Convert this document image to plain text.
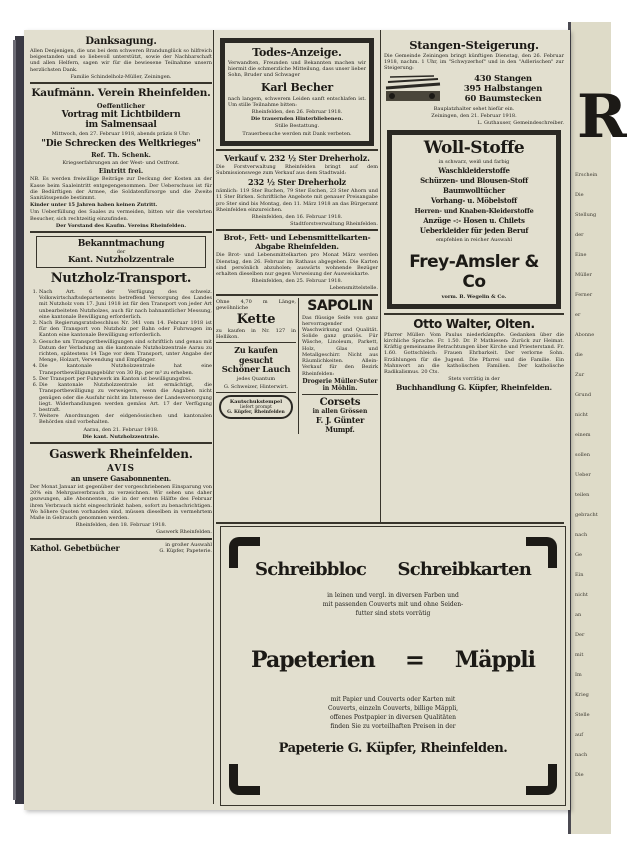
R
Erschein
Die
Stellung
der
Eine
Müller
Ferner
er
Abonne
die
Zur
Grund
nicht
einem
sollen
Ueber
teilen
gebracht
nach
Ge
Ein
nicht
an
Der
mit
Im
Krieg
Stelle
auf
nach
Die
Danksagung.
Allen Denjenigen, die uns bei dem schweren Brandunglück so hilfreich beigestanden und so liebevoll unterstützt, sowie der Nachbarschaft und allen Helfern, sagen wir für die bewiesene Teilnahme unsern herzlichsten Dank.
Familie Schindelholz-Müller, Zeiningen.
Kaufmänn. Verein Rheinfelden.
Oeffentlicher
Vortrag mit Lichtbildern
im Salmensaal
Mittwoch, den 27. Februar 1918, abends präzis 8 Uhr:
"Die Schrecken des Weltkrieges"
Ref. Th. Schenk.
Kriegserfahrungen an der West- und Ostfront.
Eintritt frei.
NB. Es werden freiwillige Beiträge zur Deckung der Kosten an der Kasse beim Saaleintritt entgegengenommen. Der Ueberschuss ist für die Bedürftigen der Armee, die Soldatenfürsorge und die Zweite Sanitätsspende bestimmt.
Kinder unter 15 Jahren haben keinen Zutritt.
Um Ueberfüllung des Saales zu vermeiden, bitten wir die verehrten Besucher, sich rechtzeitig einzufinden.
Der Vorstand des Kaufm. Vereins Rheinfelden.
Bekanntmachung
der
Kant. Nutzholzzentrale
Nutzholz-Transport.
1. Nach Art. 6 der Verfügung des schweiz. Volkswirtschaftsdepartements betreffend Versorgung des Landes mit Nutzholz vom 17. Juni 1918 ist für den Transport von jeder Art unbearbeiteten Nutzholzes, auch für nach bahnamtlicher Messung, eine kantonale Bewilligung erforderlich.
2. Nach Regierungsratsbeschluss Nr. 341 vom 14. Februar 1918 ist für den Transport von Nutzholz per Bahn oder Fuhrwagen im Kanton eine kantonale Bewilligung erforderlich.
3. Gesuche um Transportbewilligungen sind schriftlich und genau mit Datum der Verladung an die kantonale Nutzholzzentrale Aarau zu richten, spätestens 14 Tage vor dem Transport, unter Angabe der Menge, Holzart, Verwendung und Empfänger.
4. Die kantonale Nutzholzzentrale hat eine Transportbewilligungsgebühr von 30 Rp. per m³ zu erheben.
5. Der Transport per Fuhrwerk im Kanton ist bewilligungsfrei.
6. Die kantonale Nutzholzzentrale ist ermächtigt, die Transportbewilligung zu verweigern, wenn die Angaben nicht genügen oder die Ausfuhr nicht im Interesse der Landesversorgung liegt. Widerhandlungen werden gemäss Art. 17 der Verfügung bestraft.
7. Weitere Anordnungen der eidgenössischen und kantonalen Behörden sind vorbehalten.
Aarau, den 21. Februar 1918.
Die kant. Nutzholzzentrale.
Gaswerk Rheinfelden.
AVIS
an unsere Gasabonnenten.
Der Monat Januar ist gegenüber der vorgeschriebenen Einsparung von 20% ein Mehrgasverbrauch zu verzeichnen. Wir sehen uns daher gezwungen, alle Abonnenten, die in der ersten Hälfte des Februar ihren Verbrauch nicht eingeschränkt haben, sofort zu benachrichtigen. Wo höhere Quoten vorhanden sind, müssen dieselben in vermehrtem Maße in Gebrauch genommen werden.
Rheinfelden, den 18. Februar 1918.
Gaswerk Rheinfelden.
Kathol. Gebetbücher	in großer Auswahl
G. Küpfer, Papeterie.
Todes-Anzeige.
Verwandten, Freunden und Bekannten machen wir hiermit die schmerzliche Mitteilung, dass unser lieber Sohn, Bruder und Schwager
Karl Becher
nach langem, schwerem Leiden sanft entschlafen ist. Um stille Teilnahme bitten:
Rheinfelden, den 26. Februar 1918.
Die trauernden Hinterbliebenen.
Stille Bestattung.
Trauerbesuche werden mit Dank verbeten.
Verkauf v. 232 ½ Ster Dreherholz.
Die Forstverwaltung Rheinfelden bringt auf dem Submissionswege zum Verkauf aus dem Stadtwald:
232 ½ Ster Dreherholz
nämlich: 119 Ster Buchen, 79 Ster Eschen, 23 Ster Ahorn und 11 Ster Birken. Schriftliche Angebote mit genauer Preisangabe pro Ster sind bis Montag, den 11. März 1918 an das Bürgeramt Rheinfelden einzureichen.
Rheinfelden, den 16. Februar 1918.
Stadtforstverwaltung Rheinfelden.
Brot-, Fett- und Lebensmittelkarten-Abgabe Rheinfelden.
Die Brot- und Lebensmittelkarten pro Monat März werden Dienstag, den 26. Februar im Rathaus abgegeben. Die Karten sind persönlich abzuholen; auswärts wohnende Bezüger erhalten dieselben nur gegen Vorweisung der Ausweiskarte.
Rheinfelden, den 25. Februar 1918.
Lebensmittelstelle.
Ohne 4,70 m Länge, gewöhnliche
Kette
zu kaufen in Nr. 127 in Hellikon.
Zu kaufen gesucht
Schöner Lauch
jedes Quantum
G. Schweizer, Hinterwirt.
Kautschukstempel
liefert prompt
G. Küpfer, Rheinfelden
SAPOLIN
Das flüssige Seife von ganz hervorragender Waschwirkung und Qualität. Solide ganz graziös. Für Wäsche, Linoleum, Parkett, Holz, Glas und Metallgeschirr. Nicht aus Räumlichkeiten. Allein-Verkauf für den Bezirk Rheinfelden:
Drogerie Müller-Suter in Möhlin.
Corsets
in allen Grössen
F. J. Günter
Mumpf.
Stangen-Steigerung.
Die Gemeinde Zeiningen bringt künftigen Dienstag, den 26. Februar 1918, nachm. 1 Uhr, im "Schwyzerhof" und in den "Adlerischen" zur Steigerung:
430 Stangen
395 Halbstangen
60 Baumstecken
Bauplatzhalter sehet hiefür ein.
Zeiningen, den 21. Februar 1918.
L. Guthauser, Gemeindeschreiber.
Woll-Stoffe
in schwarz, weiß und farbig
Waschkleiderstoffe
Schürzen- und Blousen-Stoff
Baumwolltücher
Vorhang- u. Möbelstoff
Herren- und Knaben-Kleiderstoffe
Anzüge -:- Hosen u. Chilets
Ueberkleider für jeden Beruf
empfehlen in reicher Auswahl
Frey-Amsler & Co
vorm. B. Wegelin & Co.
Otto Walter, Olten.
Pfarrer Müller: Vom Paulus niederkämpfte. Gedanken über die kirchliche Sprache. Fr. 1.50. Dr. P. Mathiesen: Zurück zur Heimat. Kräftig gemeinsame Betrachtungen über Kirche und Priesterstand. Fr. 1.60. Gottschleich: Frauen Ehrbarkeit. Der verlorne Sohn. Erzählungen für die Jugend. Die Pfarrei und die Familie. Ein Mahnwort an die katholischen Familien. Der katholische Radikalismus. 20 Cts.
Stets vorrätig in der
Buchhandlung G. Küpfer, Rheinfelden.
Schreibbloc Schreibkarten
in leinen und vergl. in diversen Farben und
mit passenden Couverts mit und ohne Seiden-
futter sind stets vorrätig
Papeterien = Mäppli
mit Papier und Couverts oder Karten mit
Couverts, einzeln Couverts, billige Mäppli,
offenes Postpapier in diversen Qualitäten
finden Sie zu vorteilhaften Preisen in der
Papeterie G. Küpfer, Rheinfelden.
